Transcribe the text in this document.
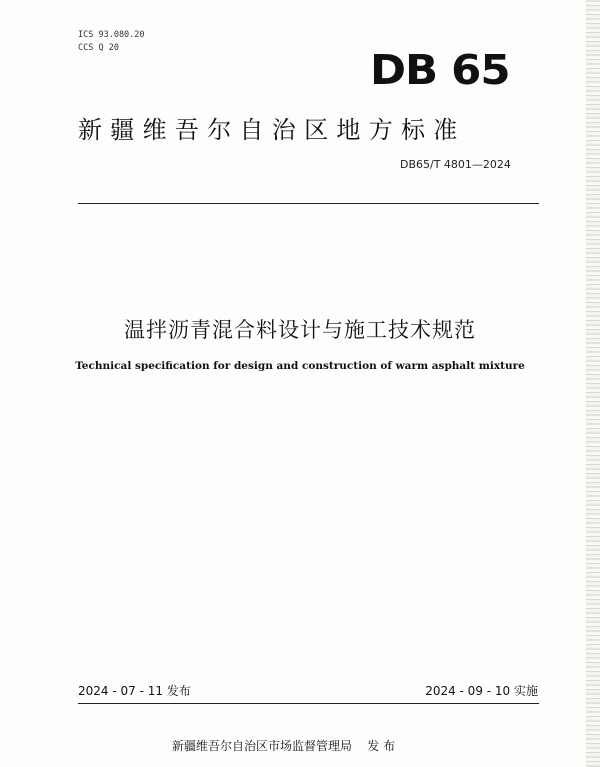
ICS 93.080.20
CCS Q 20	DB 65
新疆维吾尔自治区地方标准
DB65/T 4801—2024
温拌沥青混合料设计与施工技术规范
Technical specification for design and construction of warm asphalt mixture
2024 - 07 - 11 发布	2024 - 09 - 10 实施
新疆维吾尔自治区市场监督管理局 发 布
